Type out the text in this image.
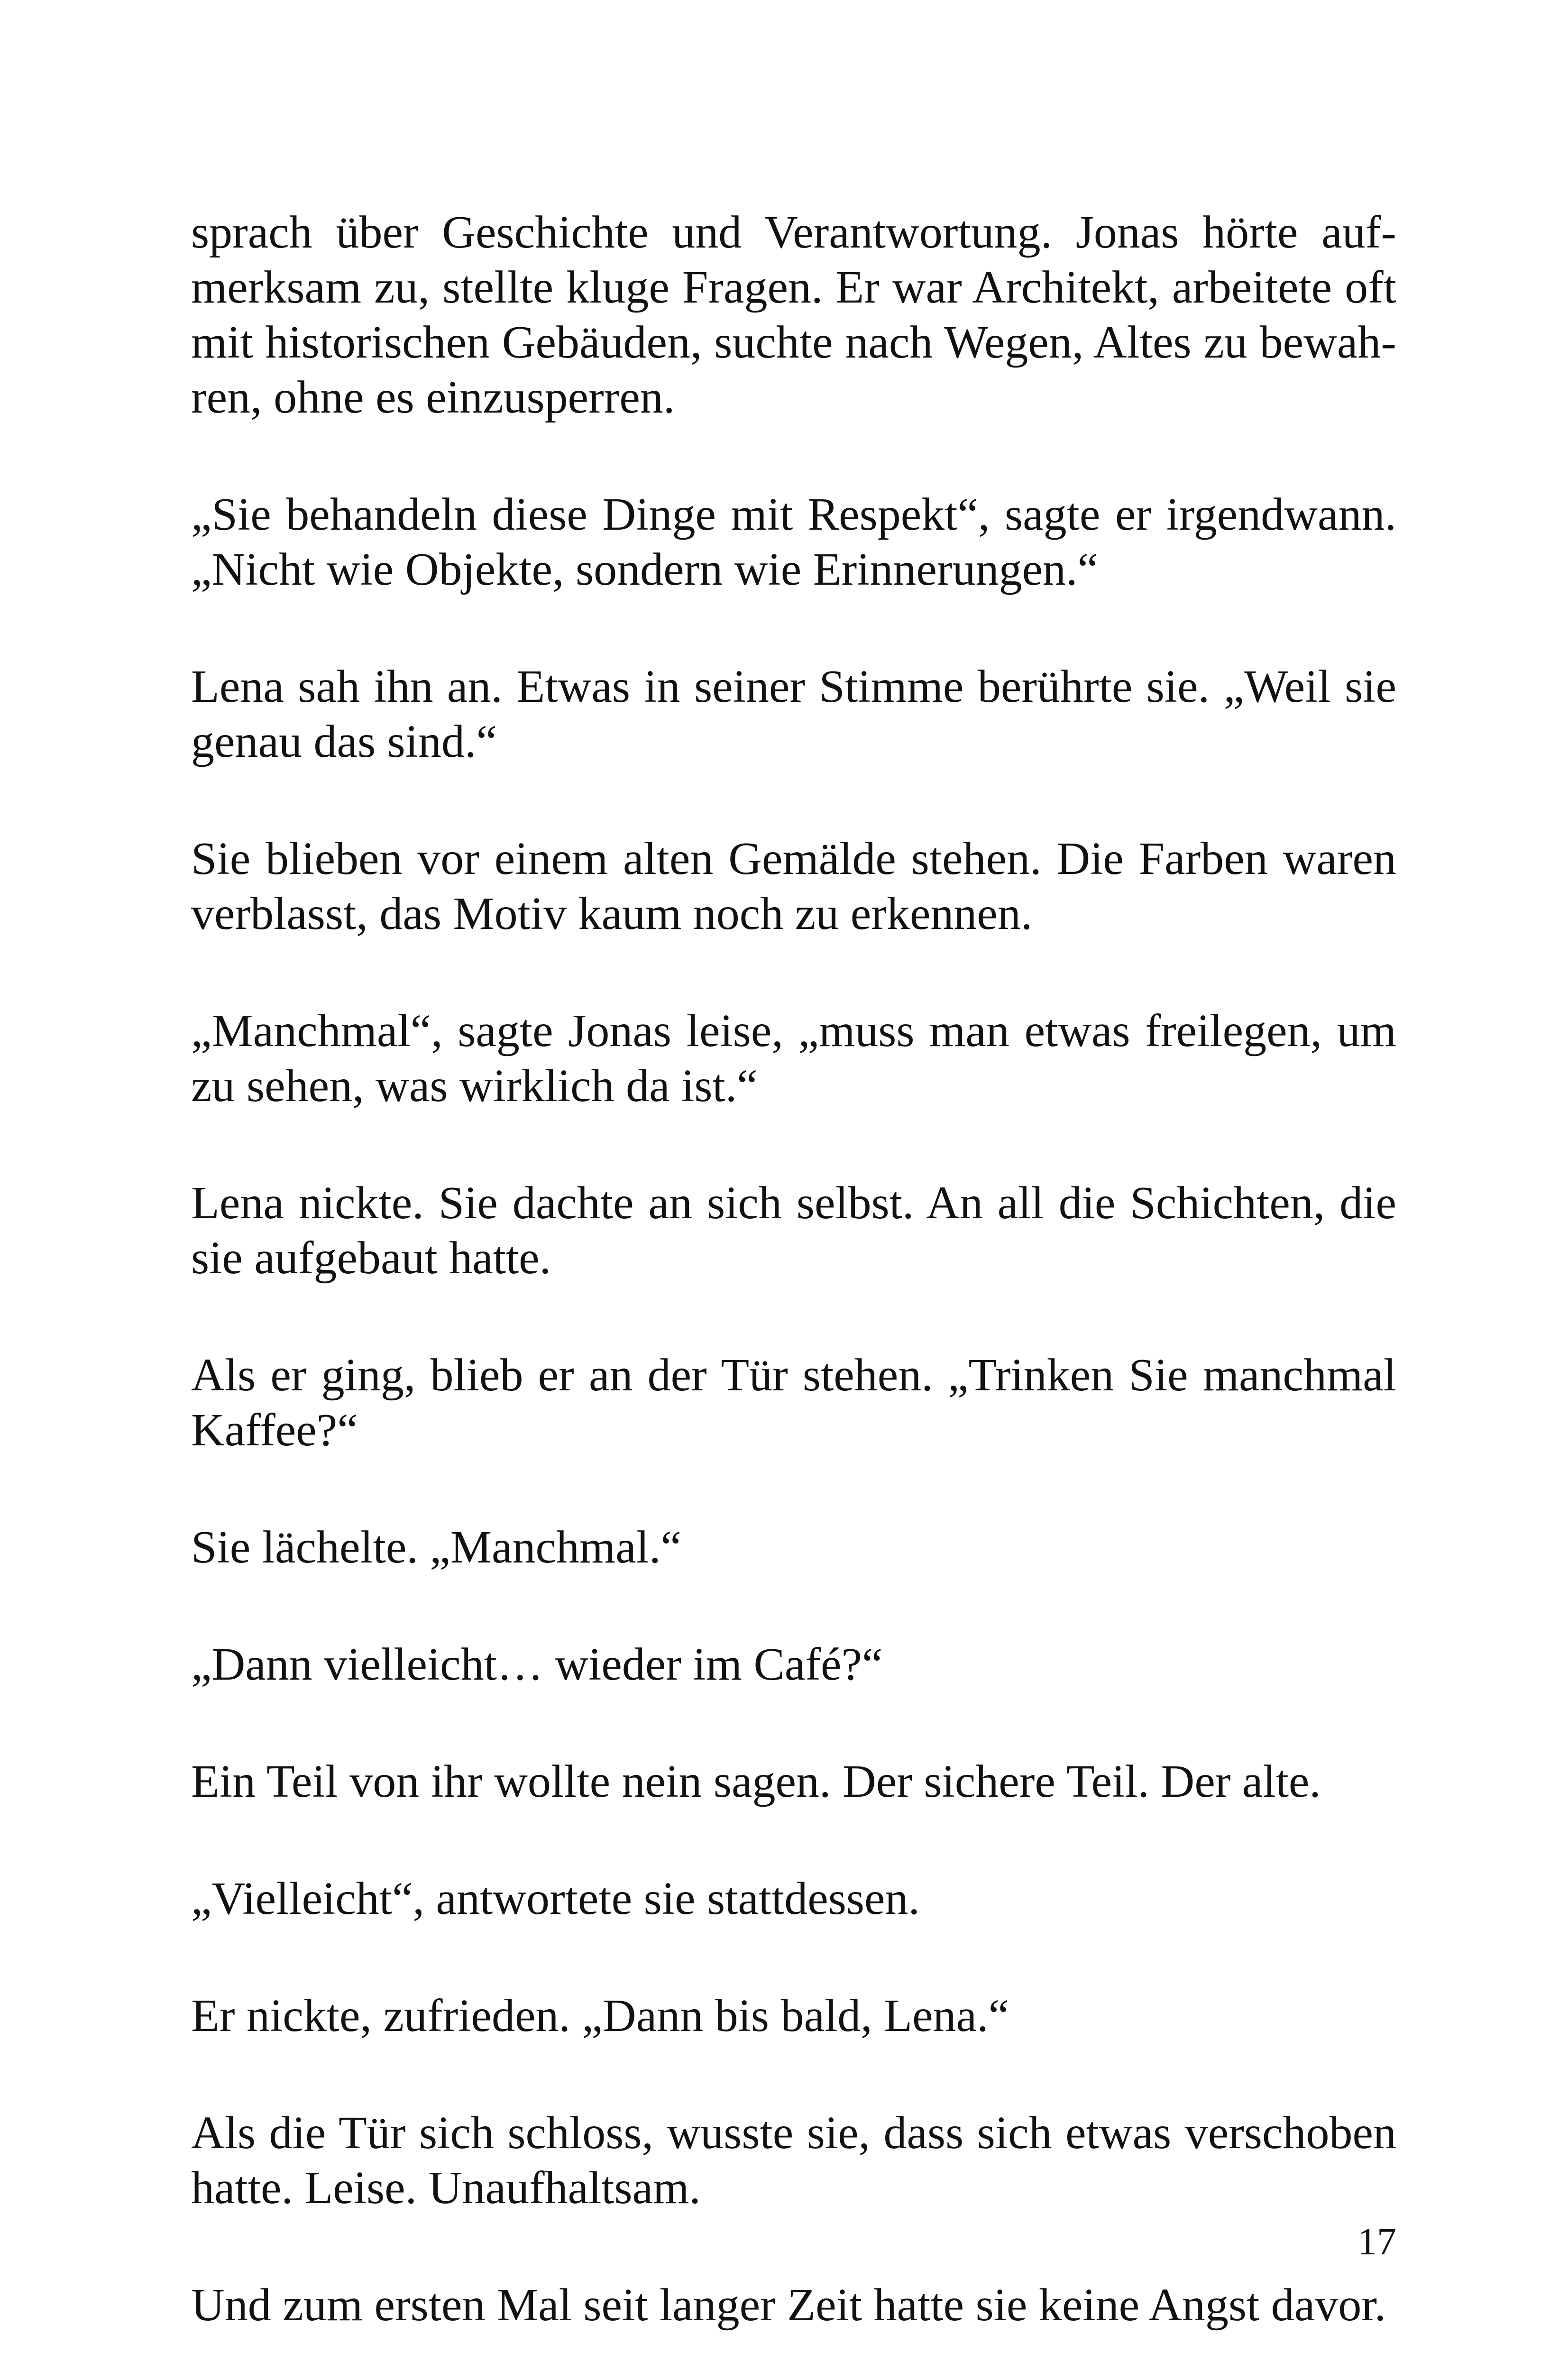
sprach über Geschichte und Verantwortung. Jonas hörte aufmerksam zu, stellte kluge Fragen. Er war Architekt, arbeitete oft mit historischen Gebäuden, suchte nach Wegen, Altes zu bewahren, ohne es einzusperren.

„Sie behandeln diese Dinge mit Respekt“, sagte er irgendwann. „Nicht wie Objekte, sondern wie Erinnerungen.“

Lena sah ihn an. Etwas in seiner Stimme berührte sie. „Weil sie genau das sind.“

Sie blieben vor einem alten Gemälde stehen. Die Farben waren verblasst, das Motiv kaum noch zu erkennen.

„Manchmal“, sagte Jonas leise, „muss man etwas freilegen, um zu sehen, was wirklich da ist.“

Lena nickte. Sie dachte an sich selbst. An all die Schichten, die sie aufgebaut hatte.

Als er ging, blieb er an der Tür stehen. „Trinken Sie manchmal Kaffee?“

Sie lächelte. „Manchmal.“

„Dann vielleicht… wieder im Café?“

Ein Teil von ihr wollte nein sagen. Der sichere Teil. Der alte.

„Vielleicht“, antwortete sie stattdessen.

Er nickte, zufrieden. „Dann bis bald, Lena.“

Als die Tür sich schloss, wusste sie, dass sich etwas verschoben hatte. Leise. Unaufhaltsam.

Und zum ersten Mal seit langer Zeit hatte sie keine Angst davor.

17
